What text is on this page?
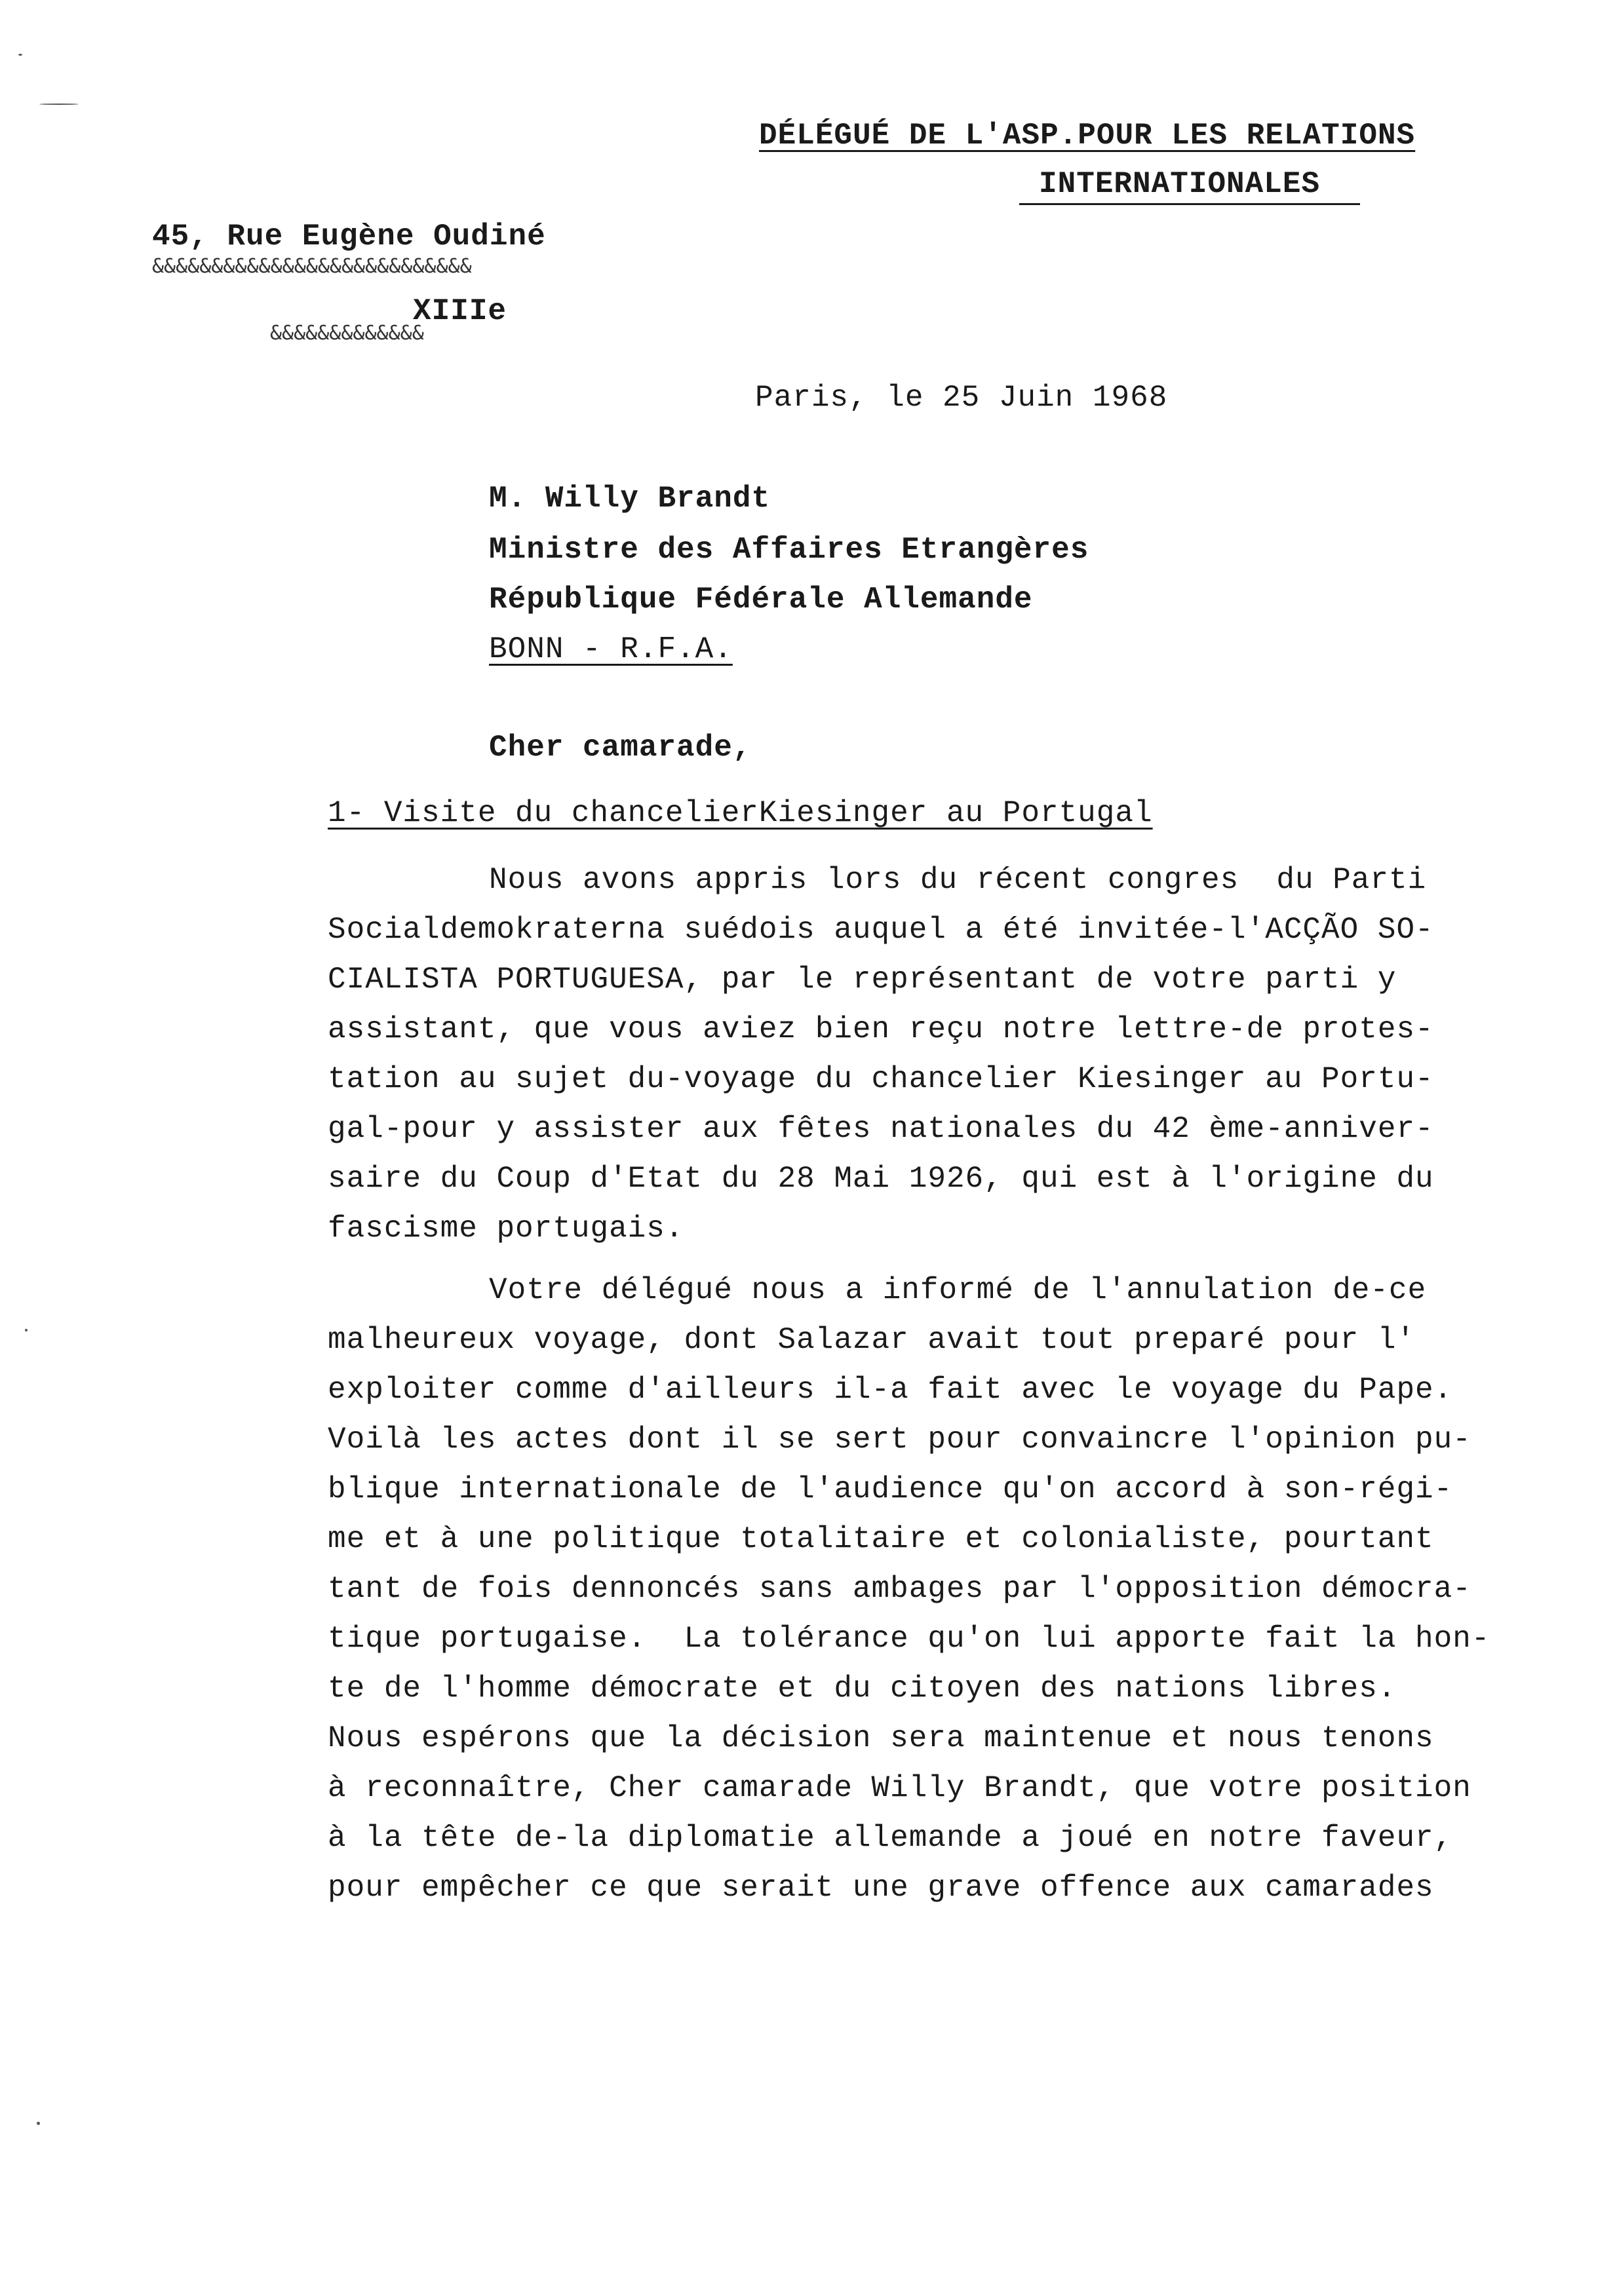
DÉLÉGUÉ DE L'ASP.POUR LES RELATIONS
INTERNATIONALES
45, Rue Eugène Oudiné
&&&&&&&&&&&&&&&&&&&&&&&&&&&
XIIIe
&&&&&&&&&&&&&
Paris, le 25 Juin 1968
M. Willy Brandt
Ministre des Affaires Etrangères
République Fédérale Allemande
BONN - R.F.A.
Cher camarade,
1- Visite du chancelierKiesinger au Portugal
Nous avons appris lors du récent congres  du Parti
Socialdemokraterna suédois auquel a été invitée-l'ACÇÃO SO-
CIALISTA PORTUGUESA, par le représentant de votre parti y
assistant, que vous aviez bien reçu notre lettre-de protes-
tation au sujet du-voyage du chancelier Kiesinger au Portu-
gal-pour y assister aux fêtes nationales du 42 ème-anniver-
saire du Coup d'Etat du 28 Mai 1926, qui est à l'origine du
fascisme portugais.
Votre délégué nous a informé de l'annulation de-ce
malheureux voyage, dont Salazar avait tout preparé pour l'
exploiter comme d'ailleurs il-a fait avec le voyage du Pape.
Voilà les actes dont il se sert pour convaincre l'opinion pu-
blique internationale de l'audience qu'on accord à son-régi-
me et à une politique totalitaire et colonialiste, pourtant
tant de fois dennoncés sans ambages par l'opposition démocra-
tique portugaise.  La tolérance qu'on lui apporte fait la hon-
te de l'homme démocrate et du citoyen des nations libres.
Nous espérons que la décision sera maintenue et nous tenons
à reconnaître, Cher camarade Willy Brandt, que votre position
à la tête de-la diplomatie allemande a joué en notre faveur,
pour empêcher ce que serait une grave offence aux camarades
